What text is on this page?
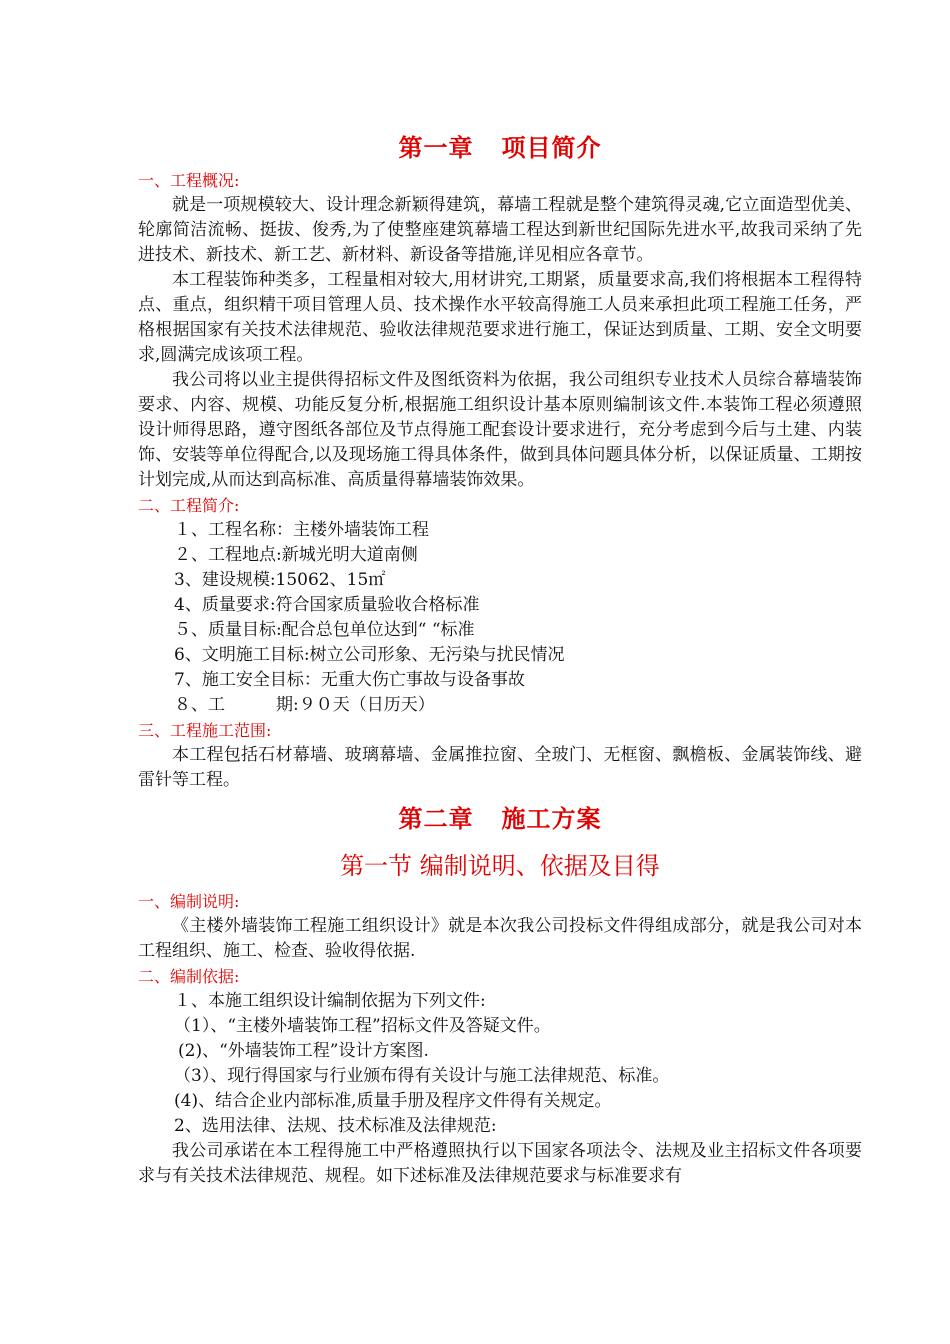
第一章 项目简介
一、工程概况:

就是一项规模较大、设计理念新颖得建筑，幕墙工程就是整个建筑得灵魂,它立面造型优美、轮廓简洁流畅、挺拔、俊秀,为了使整座建筑幕墙工程达到新世纪国际先进水平,故我司采纳了先进技术、新技术、新工艺、新材料、新设备等措施,详见相应各章节。

本工程装饰种类多，工程量相对较大,用材讲究,工期紧，质量要求高,我们将根据本工程得特点、重点，组织精干项目管理人员、技术操作水平较高得施工人员来承担此项工程施工任务，严格根据国家有关技术法律规范、验收法律规范要求进行施工，保证达到质量、工期、安全文明要求,圆满完成该项工程。

我公司将以业主提供得招标文件及图纸资料为依据，我公司组织专业技术人员综合幕墙装饰要求、内容、规模、功能反复分析,根据施工组织设计基本原则编制该文件.本装饰工程必须遵照设计师得思路，遵守图纸各部位及节点得施工配套设计要求进行，充分考虑到今后与土建、内装饰、安装等单位得配合,以及现场施工得具体条件，做到具体问题具体分析，以保证质量、工期按计划完成,从而达到高标准、高质量得幕墙装饰效果。

二、工程简介:

１、工程名称：主楼外墙装饰工程

２、工程地点:新城光明大道南侧

3、建设规模:15062、15㎡

4、质量要求:符合国家质量验收合格标准

５、质量目标:配合总包单位达到“ “标准

6、文明施工目标:树立公司形象、无污染与扰民情况

7、施工安全目标：无重大伤亡事故与设备事故

８、工　　　期:９０天（日历天）

三、工程施工范围:

本工程包括石材幕墙、玻璃幕墙、金属推拉窗、全玻门、无框窗、飘檐板、金属装饰线、避雷针等工程。

第二章 施工方案
第一节 编制说明、依据及目得
一、编制说明:

《主楼外墙装饰工程施工组织设计》就是本次我公司投标文件得组成部分，就是我公司对本工程组织、施工、检查、验收得依据.

二、编制依据:

１、本施工组织设计编制依据为下列文件:

（1）、“主楼外墙装饰工程”招标文件及答疑文件。

(2)、“外墙装饰工程”设计方案图.

（3）、现行得国家与行业颁布得有关设计与施工法律规范、标准。

(4)、结合企业内部标准,质量手册及程序文件得有关规定。

2、选用法律、法规、技术标准及法律规范:

我公司承诺在本工程得施工中严格遵照执行以下国家各项法令、法规及业主招标文件各项要求与有关技术法律规范、规程。如下述标准及法律规范要求与标准要求有
